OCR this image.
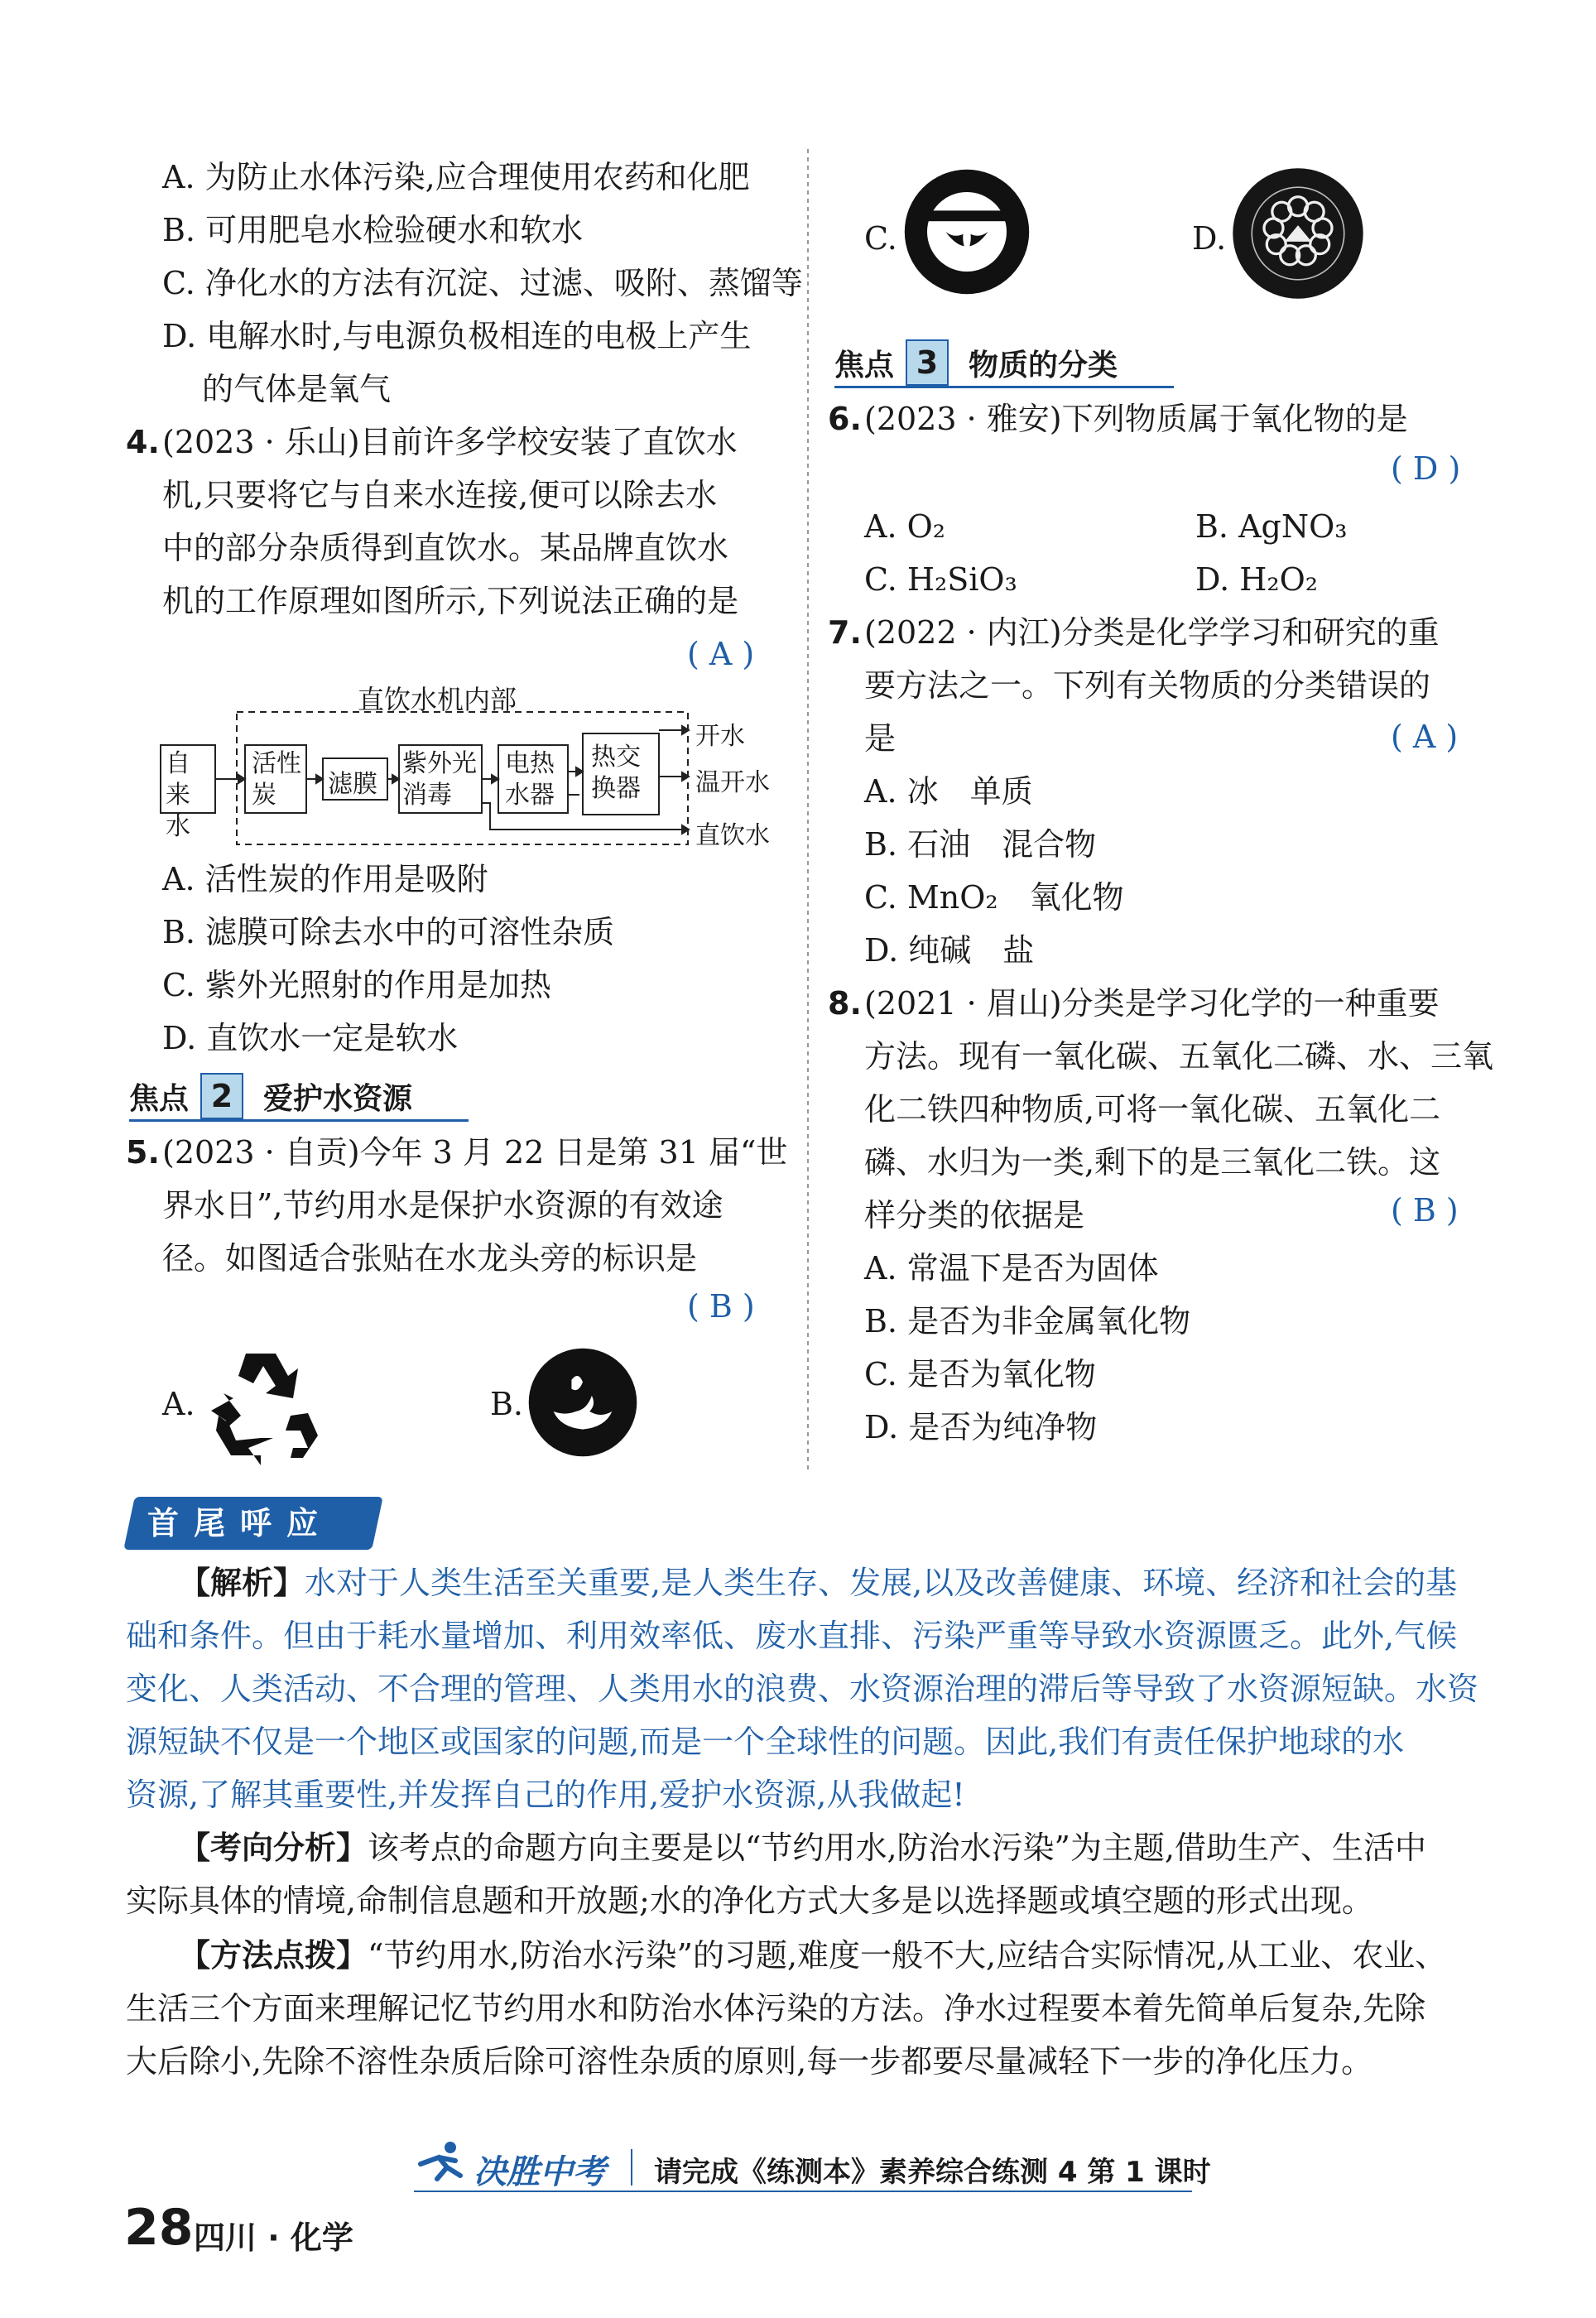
A. 为防止水体污染,应合理使用农药和化肥
B. 可用肥皂水检验硬水和软水
C. 净化水的方法有沉淀、过滤、吸附、蒸馏等
D. 电解水时,与电源负极相连的电极上产生
的气体是氧气
4. (2023 · 乐山)目前许多学校安装了直饮水
机,只要将它与自来水连接,便可以除去水
中的部分杂质得到直饮水。某品牌直饮水
机的工作原理如图所示,下列说法正确的是
( A )
直饮水机内部
自来水
活性炭	滤膜
紫外光消毒
电热水器
热交换器
开水
温开水
直饮水
A. 活性炭的作用是吸附
B. 滤膜可除去水中的可溶性杂质
C. 紫外光照射的作用是加热
D. 直饮水一定是软水
焦点 2	爱护水资源
5. (2023 · 自贡)今年 3 月 22 日是第 31 届“世
界水日”,节约用水是保护水资源的有效途
径。如图适合张贴在水龙头旁的标识是
( B )
A.	B.
C.	D.
焦点 3	物质的分类
6. (2023 · 雅安)下列物质属于氧化物的是
( D )
A. O₂	B. AgNO₃
C. H₂SiO₃	D. H₂O₂
7. (2022 · 内江)分类是化学学习和研究的重
要方法之一。下列有关物质的分类错误的
是	( A )
A. 冰　单质
B. 石油　混合物
C. MnO₂　氧化物
D. 纯碱　盐
8. (2021 · 眉山)分类是学习化学的一种重要
方法。现有一氧化碳、五氧化二磷、水、三氧
化二铁四种物质,可将一氧化碳、五氧化二
磷、水归为一类,剩下的是三氧化二铁。这
样分类的依据是	( B )
A. 常温下是否为固体
B. 是否为非金属氧化物
C. 是否为氧化物
D. 是否为纯净物
首尾呼应
【解析】水对于人类生活至关重要,是人类生存、发展,以及改善健康、环境、经济和社会的基
础和条件。但由于耗水量增加、利用效率低、废水直排、污染严重等导致水资源匮乏。此外,气候
变化、人类活动、不合理的管理、人类用水的浪费、水资源治理的滞后等导致了水资源短缺。水资
源短缺不仅是一个地区或国家的问题,而是一个全球性的问题。因此,我们有责任保护地球的水
资源,了解其重要性,并发挥自己的作用,爱护水资源,从我做起!
【考向分析】该考点的命题方向主要是以“节约用水,防治水污染”为主题,借助生产、生活中
实际具体的情境,命制信息题和开放题;水的净化方式大多是以选择题或填空题的形式出现。
【方法点拨】“节约用水,防治水污染”的习题,难度一般不大,应结合实际情况,从工业、农业、
生活三个方面来理解记忆节约用水和防治水体污染的方法。净水过程要本着先简单后复杂,先除
大后除小,先除不溶性杂质后除可溶性杂质的原则,每一步都要尽量减轻下一步的净化压力。
决胜中考 请完成《练测本》素养综合练测 4 第 1 课时
28 四川 · 化学
